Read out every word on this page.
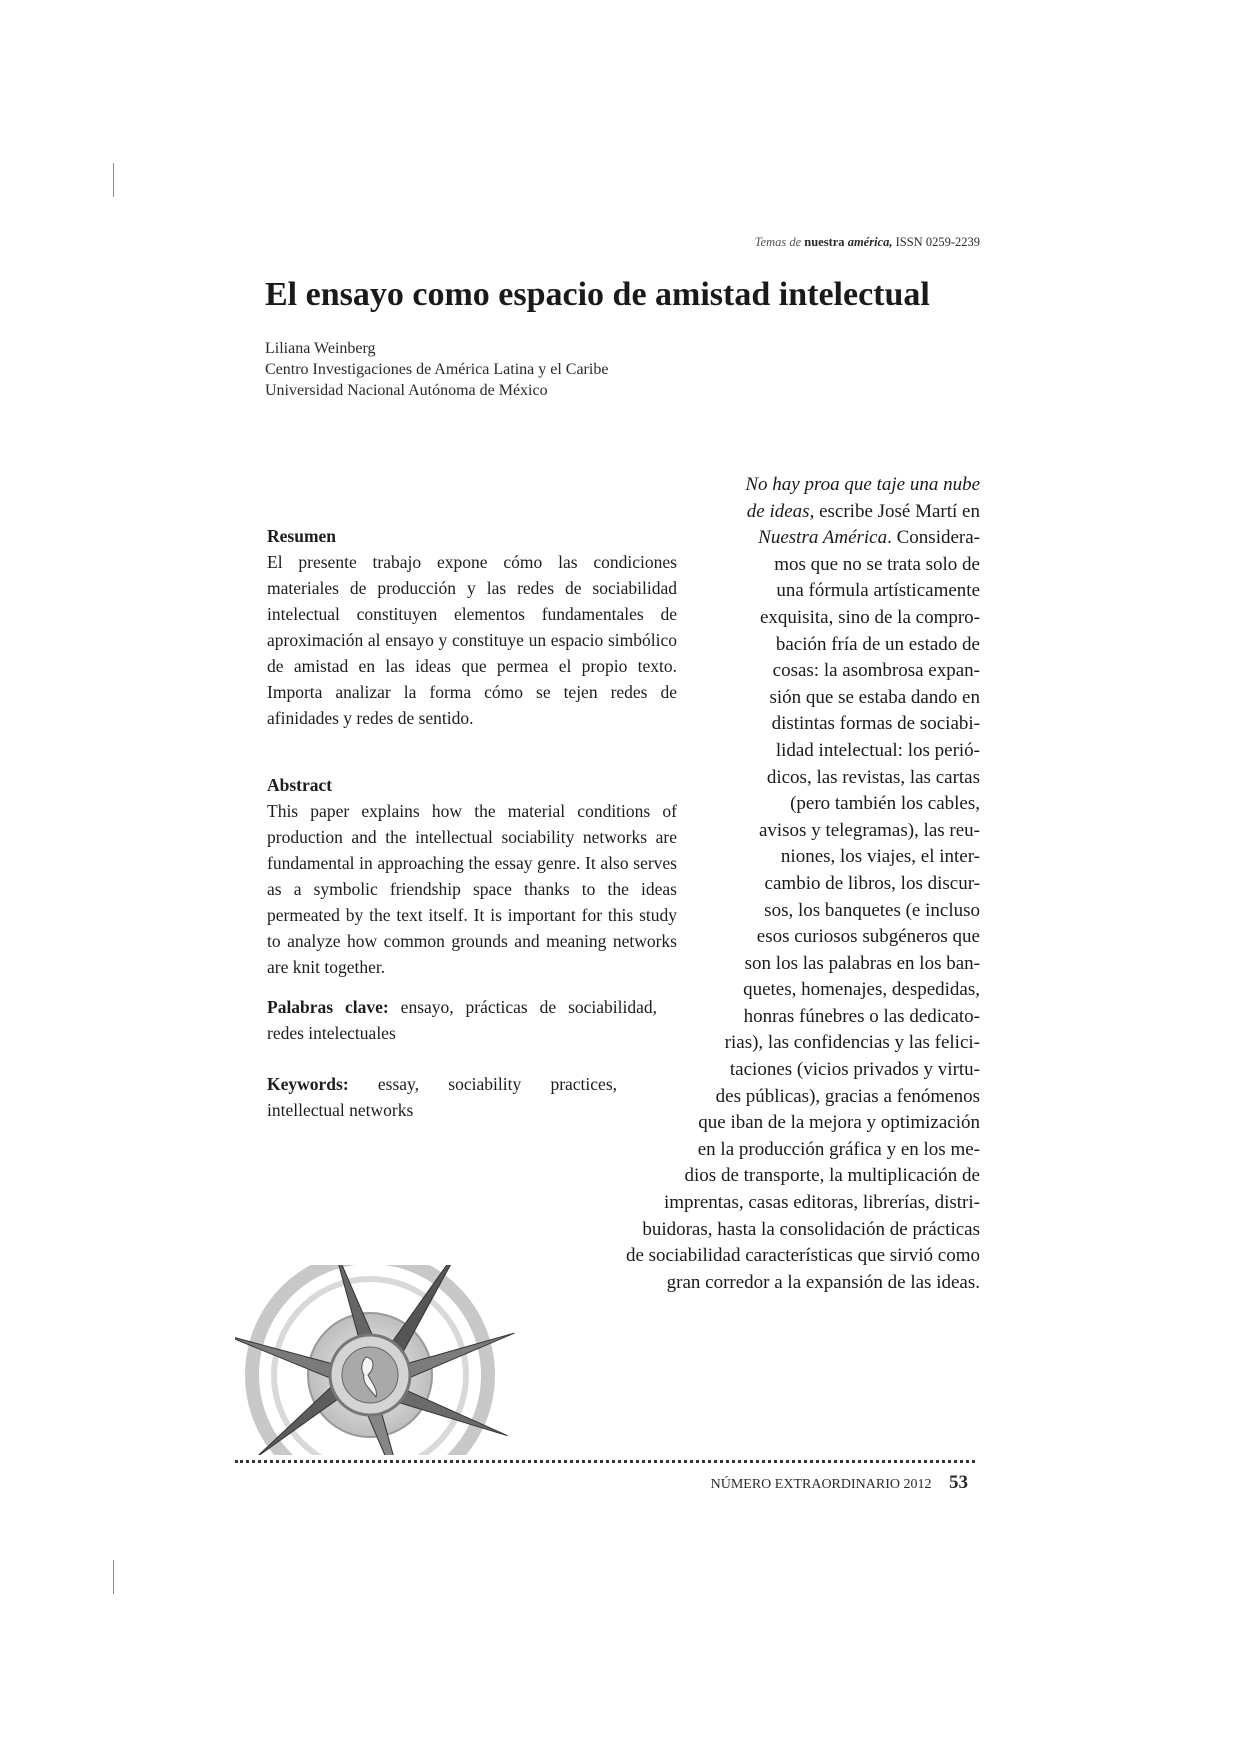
Temas de nuestra américa, ISSN 0259-2239
El ensayo como espacio de amistad intelectual
Liliana Weinberg
Centro Investigaciones de América Latina y el Caribe
Universidad Nacional Autónoma de México

Resumen

El presente trabajo expone cómo las condiciones materiales de producción y las redes de sociabilidad intelectual constituyen elementos fundamentales de aproximación al ensayo y constituye un espacio simbólico de amistad en las ideas que permea el propio texto. Importa analizar la forma cómo se tejen redes de afinidades y redes de sentido.

Abstract

This paper explains how the material conditions of production and the intellectual sociability networks are fundamental in approaching the essay genre. It also serves as a symbolic friendship space thanks to the ideas permeated by the text itself. It is important for this study to analyze how common grounds and meaning networks are knit together.

Palabras clave: ensayo, prácticas de sociabilidad, redes intelectuales

Keywords: essay, sociability practices, intellectual networks

No hay proa que taje una nube
de ideas, escribe José Martí en
Nuestra América. Considera-
mos que no se trata solo de
una fórmula artísticamente
exquisita, sino de la compro-
bación fría de un estado de
cosas: la asombrosa expan-
sión que se estaba dando en
distintas formas de sociabi-
lidad intelectual: los perió-
dicos, las revistas, las cartas
(pero también los cables,
avisos y telegramas), las reu-
niones, los viajes, el inter-
cambio de libros, los discur-
sos, los banquetes (e incluso
esos curiosos subgéneros que
son los las palabras en los ban-
quetes, homenajes, despedidas,
honras fúnebres o las dedicato-
rias), las confidencias y las felici-
taciones (vicios privados y virtu-
des públicas), gracias a fenómenos
que iban de la mejora y optimización
en la producción gráfica y en los me-
dios de transporte, la multiplicación de
imprentas, casas editoras, librerías, distri-
buidoras, hasta la consolidación de prácticas
de sociabilidad características que sirvió como
gran corredor a la expansión de las ideas.
NÚMERO EXTRAORDINARIO 2012 53
